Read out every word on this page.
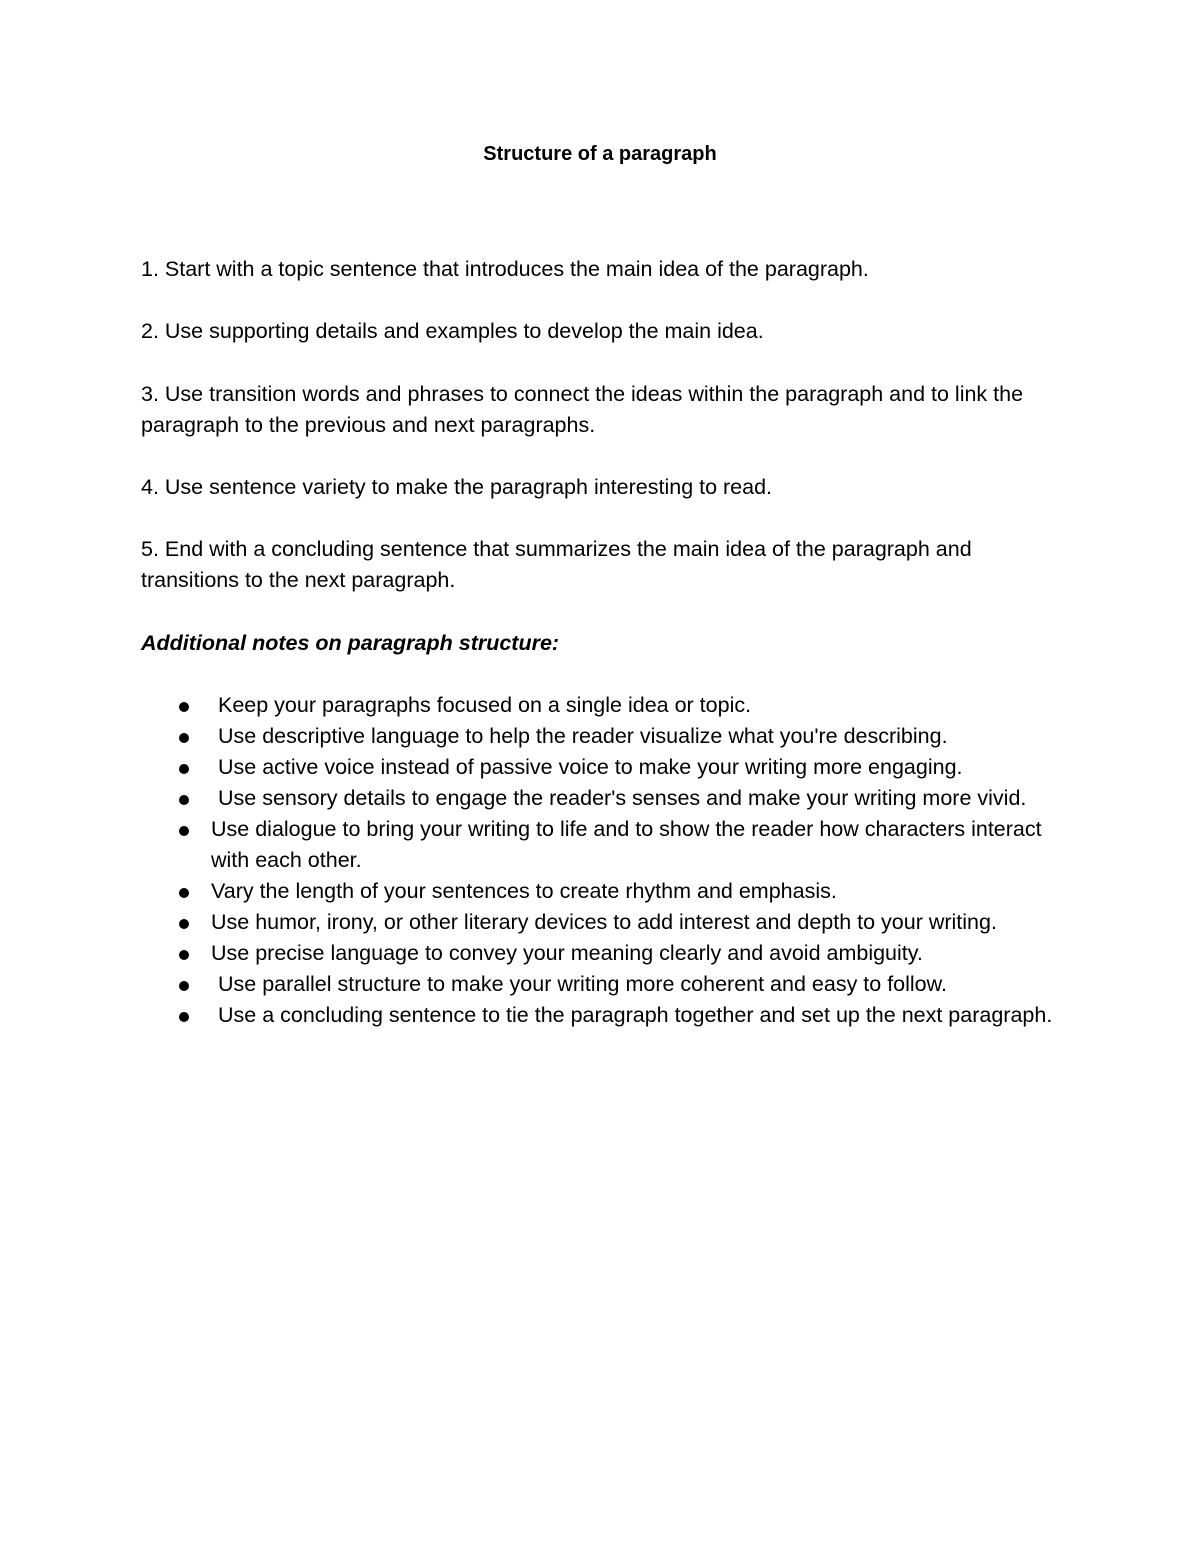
Structure of a paragraph

1. Start with a topic sentence that introduces the main idea of the paragraph.

2. Use supporting details and examples to develop the main idea.

3. Use transition words and phrases to connect the ideas within the paragraph and to link the paragraph to the previous and next paragraphs.

4. Use sentence variety to make the paragraph interesting to read.

5. End with a concluding sentence that summarizes the main idea of the paragraph and transitions to the next paragraph.

Additional notes on paragraph structure:

Keep your paragraphs focused on a single idea or topic.
Use descriptive language to help the reader visualize what you're describing.
Use active voice instead of passive voice to make your writing more engaging.
Use sensory details to engage the reader's senses and make your writing more vivid.
Use dialogue to bring your writing to life and to show the reader how characters interact with each other.
Vary the length of your sentences to create rhythm and emphasis.
Use humor, irony, or other literary devices to add interest and depth to your writing.
Use precise language to convey your meaning clearly and avoid ambiguity.
Use parallel structure to make your writing more coherent and easy to follow.
Use a concluding sentence to tie the paragraph together and set up the next paragraph.
